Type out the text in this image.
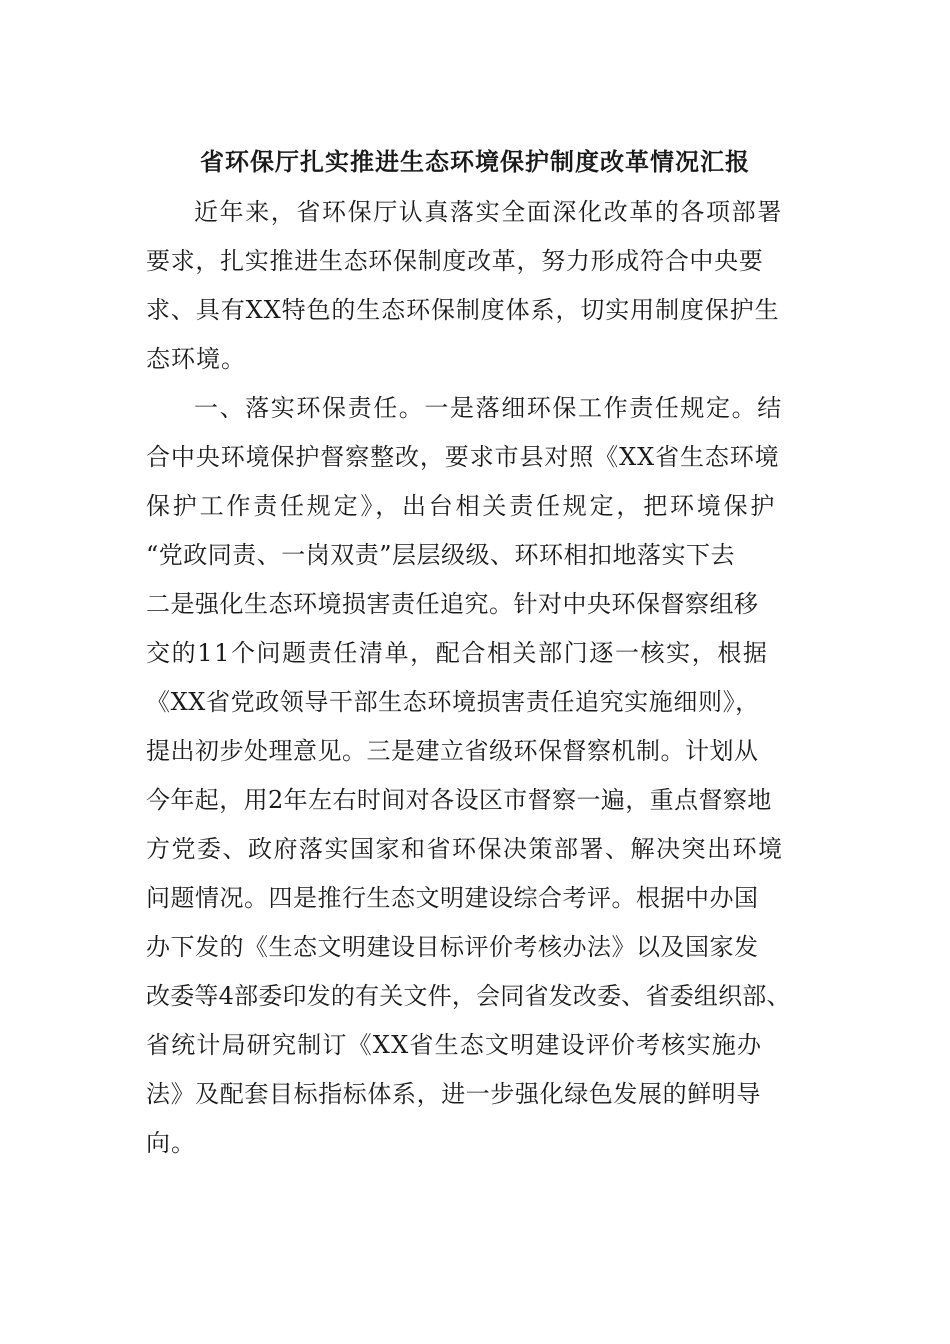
省环保厅扎实推进生态环境保护制度改革情况汇报
近年来，省环保厅认真落实全面深化改革的各项部署
要求，扎实推进生态环保制度改革，努力形成符合中央要
求、具有XX特色的生态环保制度体系，切实用制度保护生
态环境。
一、落实环保责任。一是落细环保工作责任规定。结
合中央环境保护督察整改，要求市县对照《XX省生态环境
保护工作责任规定》，出台相关责任规定，把环境保护
“党政同责、一岗双责”层层级级、环环相扣地落实下去
二是强化生态环境损害责任追究。针对中央环保督察组移
交的11个问题责任清单，配合相关部门逐一核实，根据
《XX省党政领导干部生态环境损害责任追究实施细则》，
提出初步处理意见。三是建立省级环保督察机制。计划从
今年起，用2年左右时间对各设区市督察一遍，重点督察地
方党委、政府落实国家和省环保决策部署、解决突出环境
问题情况。四是推行生态文明建设综合考评。根据中办国
办下发的《生态文明建设目标评价考核办法》以及国家发
改委等4部委印发的有关文件，会同省发改委、省委组织部、
省统计局研究制订《XX省生态文明建设评价考核实施办
法》及配套目标指标体系，进一步强化绿色发展的鲜明导
向。
